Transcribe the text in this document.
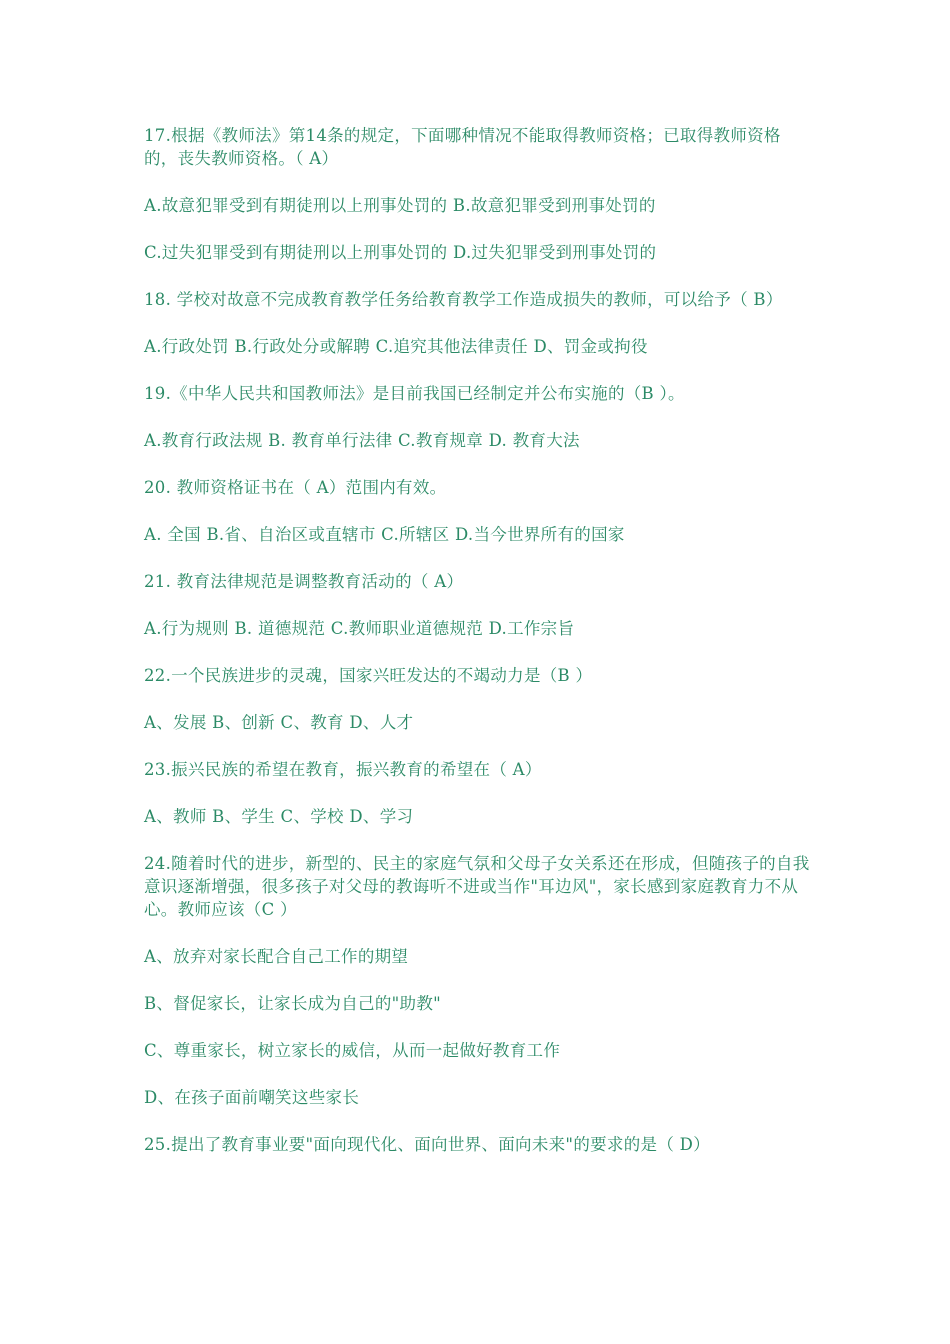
17.根据《教师法》第14条的规定，下面哪种情况不能取得教师资格；已取得教师资格的，丧失教师资格。（ A）

A.故意犯罪受到有期徒刑以上刑事处罚的 B.故意犯罪受到刑事处罚的

C.过失犯罪受到有期徒刑以上刑事处罚的 D.过失犯罪受到刑事处罚的

18. 学校对故意不完成教育教学任务给教育教学工作造成损失的教师，可以给予（ B）

A.行政处罚 B.行政处分或解聘 C.追究其他法律责任 D、罚金或拘役

19.《中华人民共和国教师法》是目前我国已经制定并公布实施的（B ）。

A.教育行政法规 B. 教育单行法律 C.教育规章 D. 教育大法

20. 教师资格证书在（ A）范围内有效。

A. 全国 B.省、自治区或直辖市 C.所辖区 D.当今世界所有的国家

21. 教育法律规范是调整教育活动的（ A）

A.行为规则 B. 道德规范 C.教师职业道德规范 D.工作宗旨

22.一个民族进步的灵魂，国家兴旺发达的不竭动力是（B ）

A、发展 B、创新 C、教育 D、人才

23.振兴民族的希望在教育，振兴教育的希望在（ A）

A、教师 B、学生 C、学校 D、学习

24.随着时代的进步，新型的、民主的家庭气氛和父母子女关系还在形成，但随孩子的自我意识逐渐增强，很多孩子对父母的教诲听不进或当作"耳边风"，家长感到家庭教育力不从心。教师应该（C ）

A、放弃对家长配合自己工作的期望

B、督促家长，让家长成为自己的"助教"

C、尊重家长，树立家长的威信，从而一起做好教育工作

D、在孩子面前嘲笑这些家长

25.提出了教育事业要"面向现代化、面向世界、面向未来"的要求的是（ D）
